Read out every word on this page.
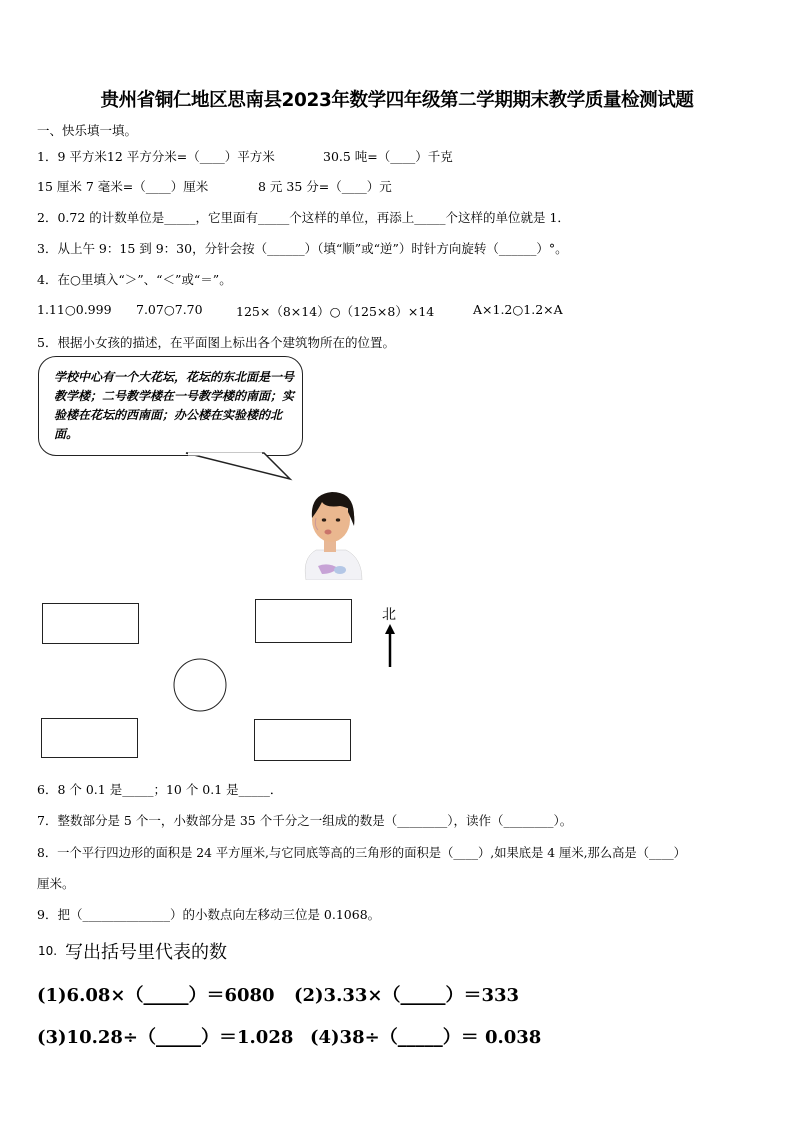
贵州省铜仁地区思南县2023年数学四年级第二学期期末教学质量检测试题
一、快乐填一填。
1．9 平方米12 平方分米=（____）平方米	30.5 吨=（____）千克
15 厘米 7 毫米=（____）厘米	8 元 35 分=（____）元
2．0.72 的计数单位是_____，它里面有_____个这样的单位，再添上_____个这样的单位就是 1．
3．从上午 9：15 到 9：30，分针会按（______）（填“顺”或“逆”）时针方向旋转（______）°。
4．在○里填入“＞”、“＜”或“＝”。
1.11○0.999 7.07○7.70	125×（8×14）○（125×8）×14	A×1.2○1.2×A
5．根据小女孩的描述，在平面图上标出各个建筑物所在的位置。
学校中心有一个大花坛，花坛的东北面是一号教学楼；二号教学楼在一号教学楼的南面；实验楼在花坛的西南面；办公楼在实验楼的北面。
北
6．8 个 0.1 是_____；10 个 0.1 是_____．
7．整数部分是 5 个一，小数部分是 35 个千分之一组成的数是（________），读作（________）。
8．一个平行四边形的面积是 24 平方厘米,与它同底等高的三角形的面积是（____）,如果底是 4 厘米,那么高是（____）
厘米。
9．把（______________）的小数点向左移动三位是 0.1068。
10. 写出括号里代表的数
(1)6.08×（_____）＝6080 (2)3.33×（_____）＝333
(3)10.28÷（_____）＝1.028 (4)38÷（_____）＝ 0.038
